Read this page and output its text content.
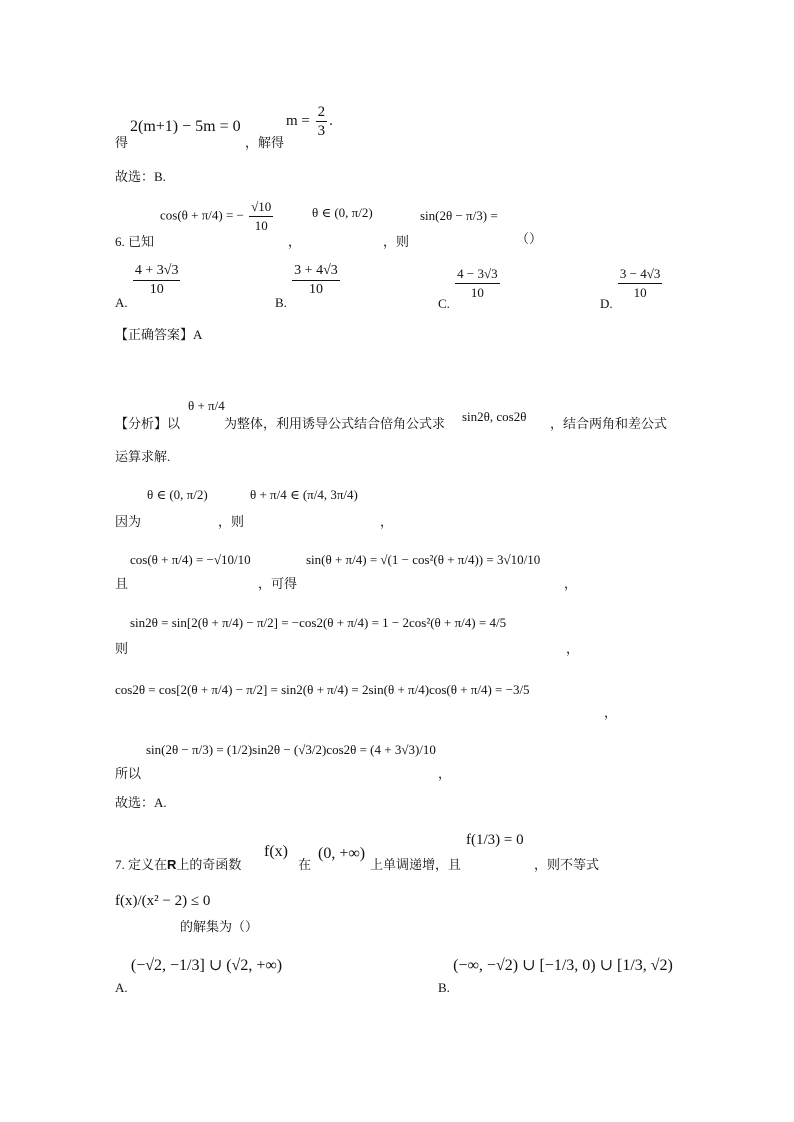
得
2(m+1) − 5m = 0
，解得
$m = \frac{2}{3}$ .
故选：B.
6. 已知
cos(θ + π/4) = − $\frac{√10}{10}$
，
θ ∈ (0, π/2)
，则
sin(2θ − π/3) =
（）
A.
$\frac{4 + 3√3}{10}$
B.
$\frac{3 + 4√3}{10}$
C.
$\frac{4 - 3√3}{10}$
D.
$\frac{3 - 4√3}{10}$
【正确答案】A
【分析】以
θ + π/4
为整体，利用诱导公式结合倍角公式求 sin2θ, cos2θ ，结合两角和差公式
运算求解.
因为
θ ∈ (0, π/2)
，则
θ + π/4 ∈ (π/4, 3π/4)
，
且
cos(θ + π/4) = −√10/10
，可得
sin(θ + π/4) = √(1 − cos²(θ + π/4)) = 3√10/10
，
则
sin2θ = sin[2(θ + π/4) − π/2] = −cos2(θ + π/4) = 1 − 2cos²(θ + π/4) = 4/5
，
cos2θ = cos[2(θ + π/4) − π/2] = sin2(θ + π/4) = 2sin(θ + π/4)cos(θ + π/4) = −3/5
，
所以
sin(2θ − π/3) = (1/2)sin2θ − (√3/2)cos2θ = (4 + 3√3)/10
，
故选：A.
7. 定义在R上的奇函数
f(x)
在
(0, +∞)
上单调递增，且
f(1/3) = 0
，则不等式
f(x)/(x² − 2) ≤ 0
的解集为（）
A. (−√2, −1/3] ∪ (√2, +∞)
B. (−∞, −√2) ∪ [−1/3, 0) ∪ [1/3, √2)
